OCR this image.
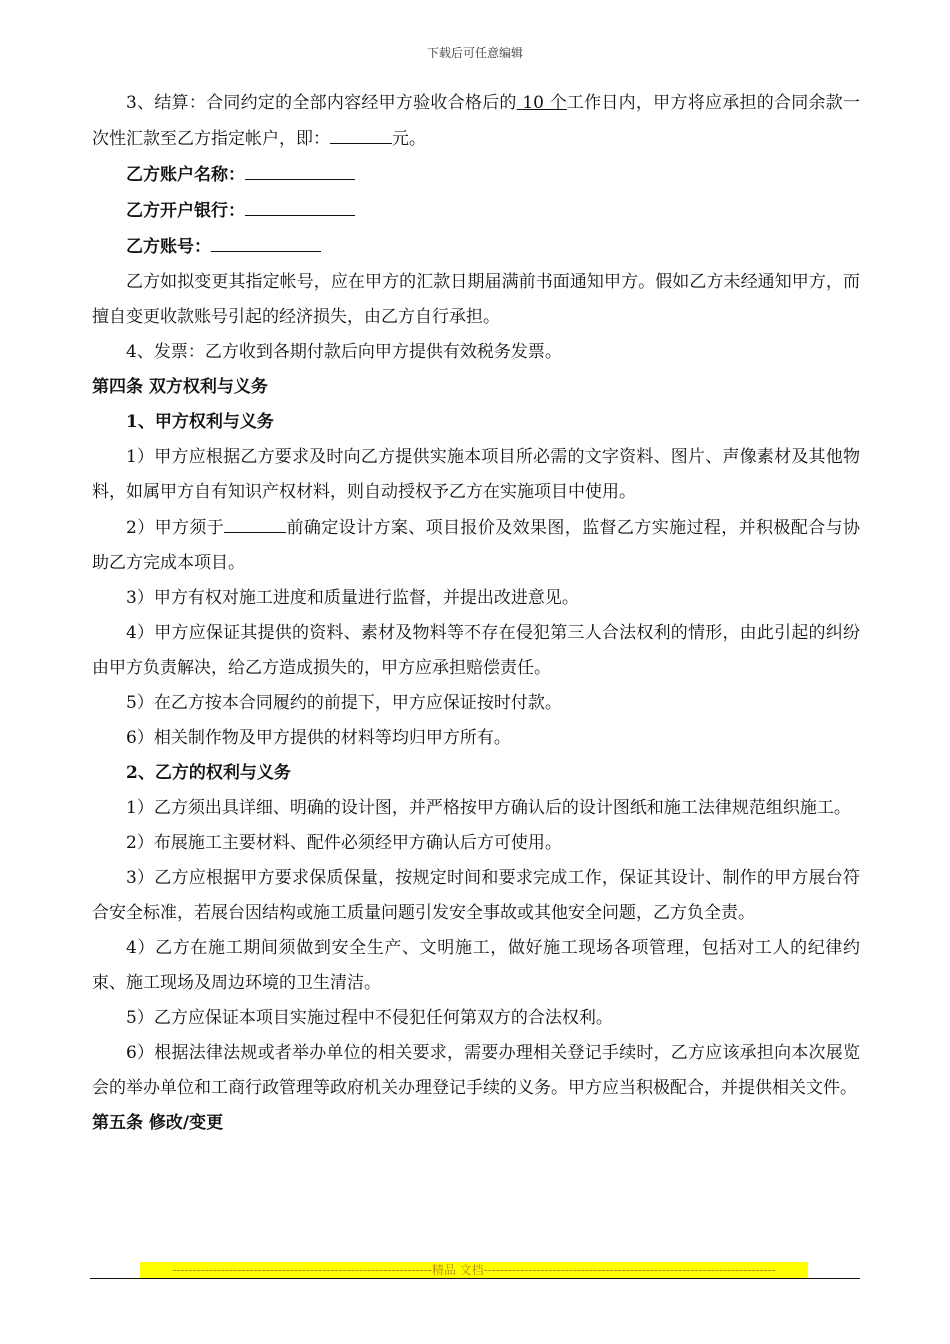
下载后可任意编辑

3、结算：合同约定的全部内容经甲方验收合格后的 10 个工作日内，甲方将应承担的合同余款一次性汇款至乙方指定帐户，即：	元。

乙方账户名称：

乙方开户银行：

乙方账号：

乙方如拟变更其指定帐号，应在甲方的汇款日期届满前书面通知甲方。假如乙方未经通知甲方，而擅自变更收款账号引起的经济损失，由乙方自行承担。

4、发票：乙方收到各期付款后向甲方提供有效税务发票。

第四条 双方权利与义务

1、甲方权利与义务

1）甲方应根据乙方要求及时向乙方提供实施本项目所必需的文字资料、图片、声像素材及其他物料，如属甲方自有知识产权材料，则自动授权予乙方在实施项目中使用。

2）甲方须于	前确定设计方案、项目报价及效果图，监督乙方实施过程，并积极配合与协助乙方完成本项目。

3）甲方有权对施工进度和质量进行监督，并提出改进意见。

4）甲方应保证其提供的资料、素材及物料等不存在侵犯第三人合法权利的情形，由此引起的纠纷由甲方负责解决，给乙方造成损失的，甲方应承担赔偿责任。

5）在乙方按本合同履约的前提下，甲方应保证按时付款。

6）相关制作物及甲方提供的材料等均归甲方所有。

2、乙方的权利与义务

1）乙方须出具详细、明确的设计图，并严格按甲方确认后的设计图纸和施工法律规范组织施工。

2）布展施工主要材料、配件必须经甲方确认后方可使用。

3）乙方应根据甲方要求保质保量，按规定时间和要求完成工作，保证其设计、制作的甲方展台符合安全标准，若展台因结构或施工质量问题引发安全事故或其他安全问题，乙方负全责。

4）乙方在施工期间须做到安全生产、文明施工，做好施工现场各项管理，包括对工人的纪律约束、施工现场及周边环境的卫生清洁。

5）乙方应保证本项目实施过程中不侵犯任何第双方的合法权利。

6）根据法律法规或者举办单位的相关要求，需要办理相关登记手续时，乙方应该承担向本次展览会的举办单位和工商行政管理等政府机关办理登记手续的义务。甲方应当积极配合，并提供相关文件。

第五条 修改/变更

----------------------------------------------------------------精品 文档------------------------------------------------------------------------
